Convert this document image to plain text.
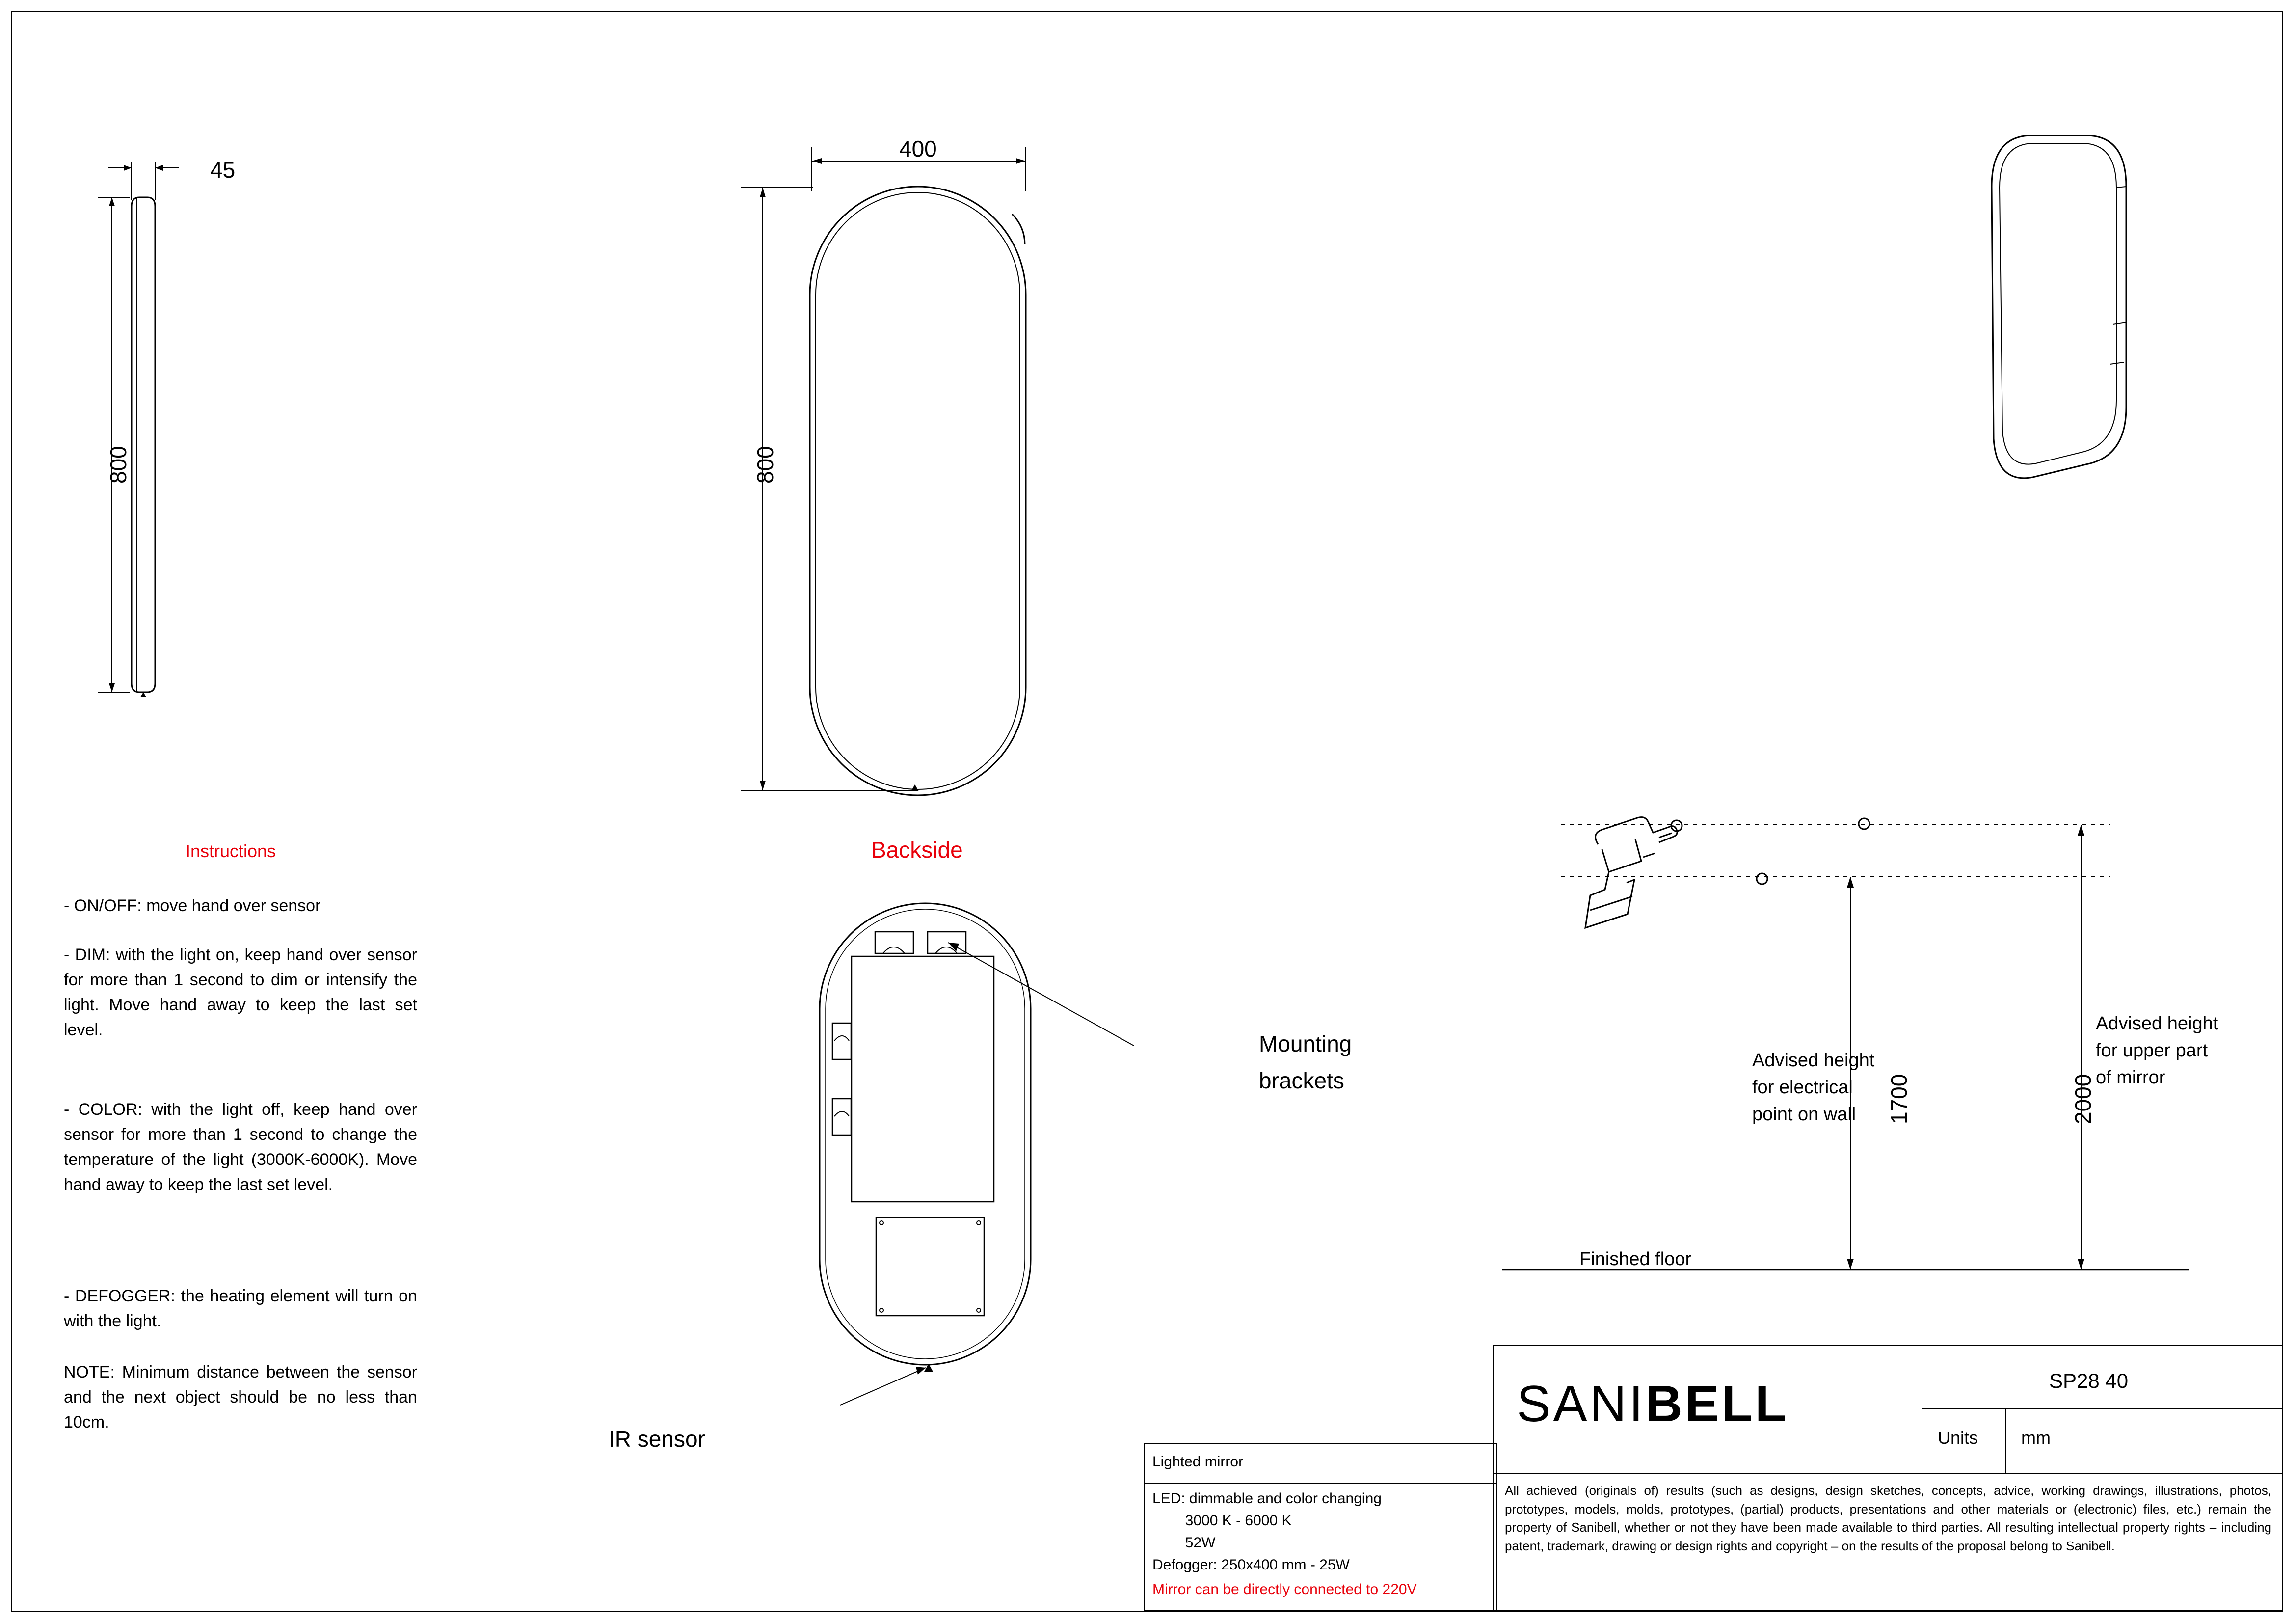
45
800
400
800
Instructions
- ON/OFF: move hand over sensor
- DIM: with the light on, keep hand over sensor for more than 1 second to dim or intensify the light. Move hand away to keep the last set level.
- COLOR: with the light off, keep hand over sensor for more than 1 second to change the temperature of the light (3000K-6000K). Move hand away to keep the last set level.
- DEFOGGER: the heating element will turn on with the light.
NOTE: Minimum distance between the sensor and the next object should be no less than 10cm.
Backside
Mounting
brackets
IR sensor
Advised height
for electrical
point on wall 1700
Advised height
for upper part
of mirror
2000
Finished floor
Lighted mirror
LED: dimmable and color changing
3000 K - 6000 K
52W
Defogger: 250x400 mm - 25W
Mirror can be directly connected to 220V
SANIBELL	SP28 40
Units mm
All achieved (originals of) results (such as designs, design sketches, concepts, advice, working drawings, illustrations, photos, prototypes, models, molds, prototypes, (partial) products, presentations and other materials or (electronic) files, etc.) remain the property of Sanibell, whether or not they have been made available to third parties. All resulting intellectual property rights – including patent, trademark, drawing or design rights and copyright – on the results of the proposal belong to Sanibell.
